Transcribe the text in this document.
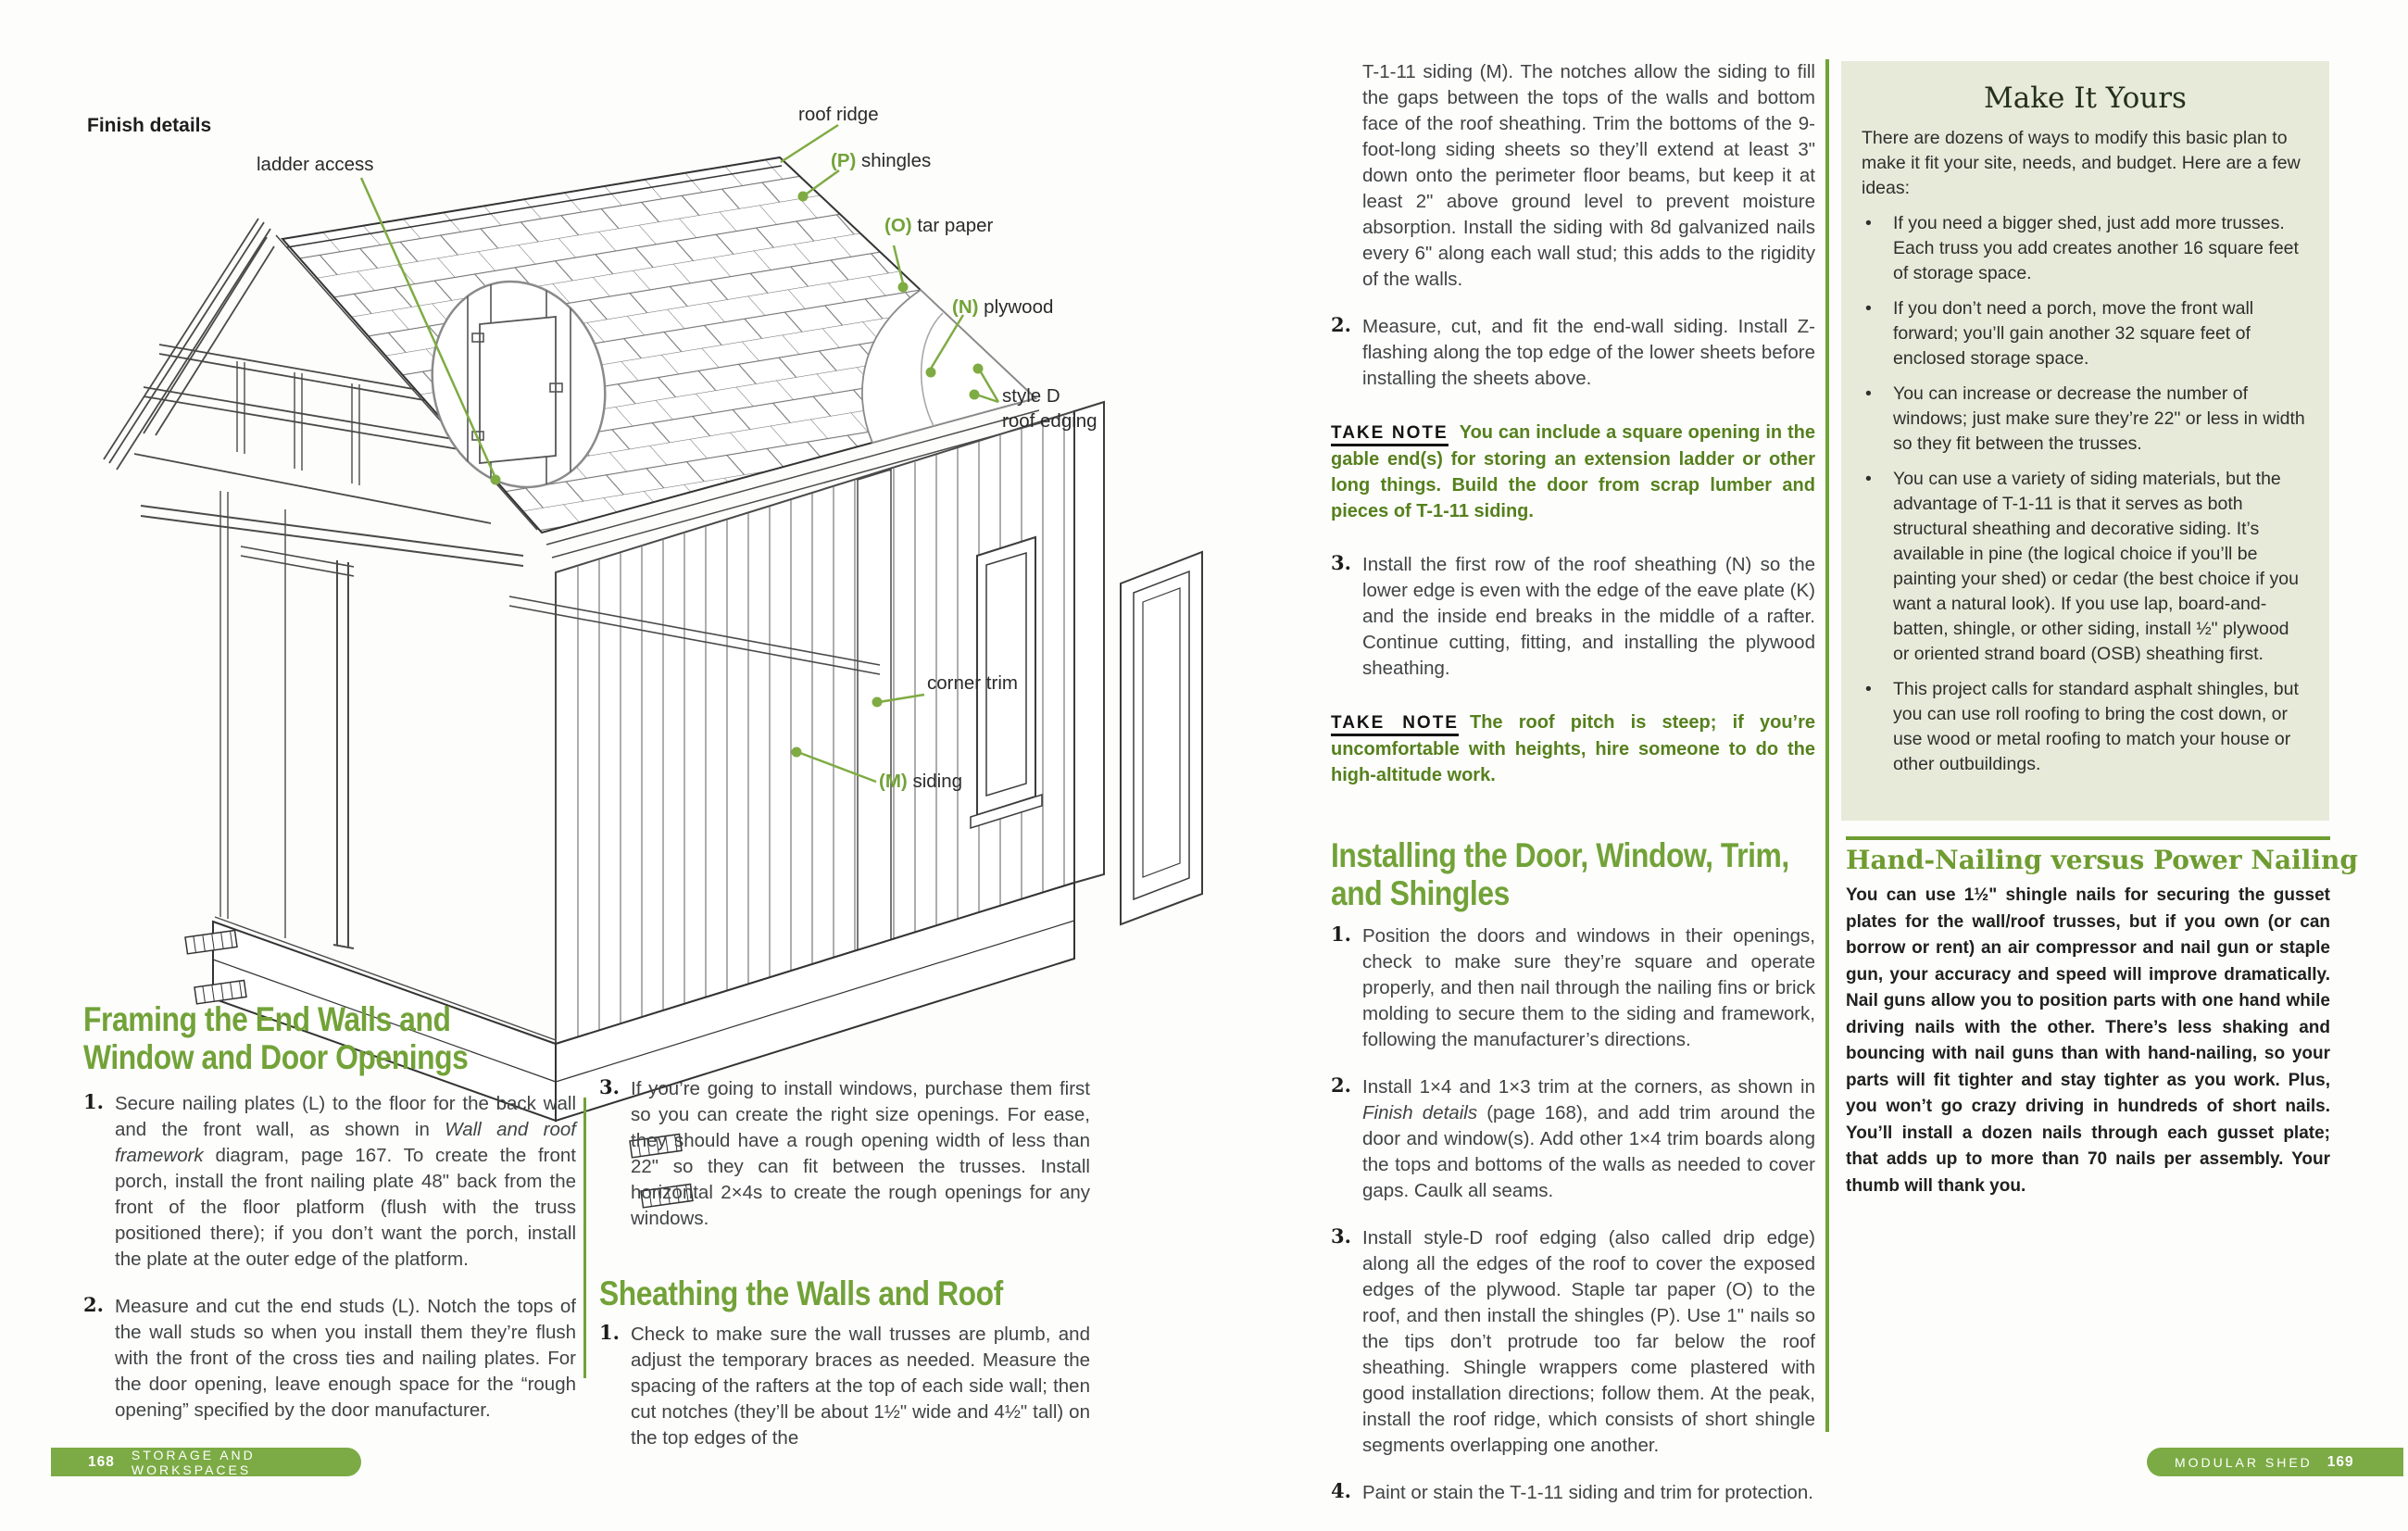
Finish details
roof ridge
ladder access	(P) shingles
(O) tar paper
(N) plywood
style D
roof edging
corner trim
(M) siding
Framing the End Walls and
Window and Door Openings
1. Secure nailing plates (L) to the floor for the back wall and the front wall, as shown in Wall and roof framework diagram, page 167. To create the front porch, install the front nailing plate 48" back from the front of the floor platform (flush with the truss positioned there); if you don’t want the porch, install the plate at the outer edge of the platform.
2. Measure and cut the end studs (L). Notch the tops of the wall studs so when you install them they’re flush with the front of the cross ties and nailing plates. For the door opening, leave enough space for the “rough opening” specified by the door manufacturer.
3. If you’re going to install windows, purchase them first so you can create the right size openings. For ease, they should have a rough opening width of less than 22" so they can fit between the trusses. Install horizontal 2×4s to create the rough openings for any windows.
Sheathing the Walls and Roof
1. Check to make sure the wall trusses are plumb, and adjust the temporary braces as needed. Measure the spacing of the rafters at the top of each side wall; then cut notches (they’ll be about 1½" wide and 4½" tall) on the top edges of the
T-1-11 siding (M). The notches allow the siding to fill the gaps between the tops of the walls and bottom face of the roof sheathing. Trim the bottoms of the 9-foot-long siding sheets so they’ll extend at least 3" down onto the perimeter floor beams, but keep it at least 2" above ground level to prevent moisture absorption. Install the siding with 8d galvanized nails every 6" along each wall stud; this adds to the rigidity of the walls.
2. Measure, cut, and fit the end-wall siding. Install Z-flashing along the top edge of the lower sheets before installing the sheets above.
TAKE NOTE You can include a square opening in the gable end(s) for storing an extension ladder or other long things. Build the door from scrap lumber and pieces of T-1-11 siding.
3. Install the first row of the roof sheathing (N) so the lower edge is even with the edge of the eave plate (K) and the inside end breaks in the middle of a rafter. Continue cutting, fitting, and installing the plywood sheathing.
TAKE NOTE The roof pitch is steep; if you’re uncomfortable with heights, hire someone to do the high-altitude work.
Installing the Door, Window, Trim,
and Shingles
1. Position the doors and windows in their openings, check to make sure they’re square and operate properly, and then nail through the nailing fins or brick molding to secure them to the siding and framework, following the manufacturer’s directions.
2. Install 1×4 and 1×3 trim at the corners, as shown in Finish details (page 168), and add trim around the door and window(s). Add other 1×4 trim boards along the tops and bottoms of the walls as needed to cover gaps. Caulk all seams.
3. Install style-D roof edging (also called drip edge) along all the edges of the roof to cover the exposed edges of the plywood. Staple tar paper (O) to the roof, and then install the shingles (P). Use 1" nails so the tips don’t protrude too far below the roof sheathing. Shingle wrappers come plastered with good installation directions; follow them. At the peak, install the roof ridge, which consists of short shingle segments overlapping one another.
4. Paint or stain the T-1-11 siding and trim for protection.
Make It Yours
There are dozens of ways to modify this basic plan to make it fit your site, needs, and budget. Here are a few ideas:
•	If you need a bigger shed, just add more trusses. Each truss you add creates another 16 square feet of storage space.
•	If you don’t need a porch, move the front wall forward; you’ll gain another 32 square feet of enclosed storage space.
•	You can increase or decrease the number of windows; just make sure they’re 22" or less in width so they fit between the trusses.
•	You can use a variety of siding materials, but the advantage of T-1-11 is that it serves as both structural sheathing and decorative siding. It’s available in pine (the logical choice if you’ll be painting your shed) or cedar (the best choice if you want a natural look). If you use lap, board-and-batten, shingle, or other siding, install ½" plywood or oriented strand board (OSB) sheathing first.
•	This project calls for standard asphalt shingles, but you can use roll roofing to bring the cost down, or use wood or metal roofing to match your house or other outbuildings.
Hand-Nailing versus Power Nailing
You can use 1½" shingle nails for securing the gusset plates for the wall/roof trusses, but if you own (or can borrow or rent) an air compressor and nail gun or staple gun, your accuracy and speed will improve dramatically. Nail guns allow you to position parts with one hand while driving nails with the other. There’s less shaking and bouncing with nail guns than with hand-nailing, so your parts will fit tighter and stay tighter as you work. Plus, you won’t go crazy driving in hundreds of short nails. You’ll install a dozen nails through each gusset plate; that adds up to more than 70 nails per assembly. Your thumb will thank you.
168 STORAGE AND WORKSPACES	MODULAR SHED 169
